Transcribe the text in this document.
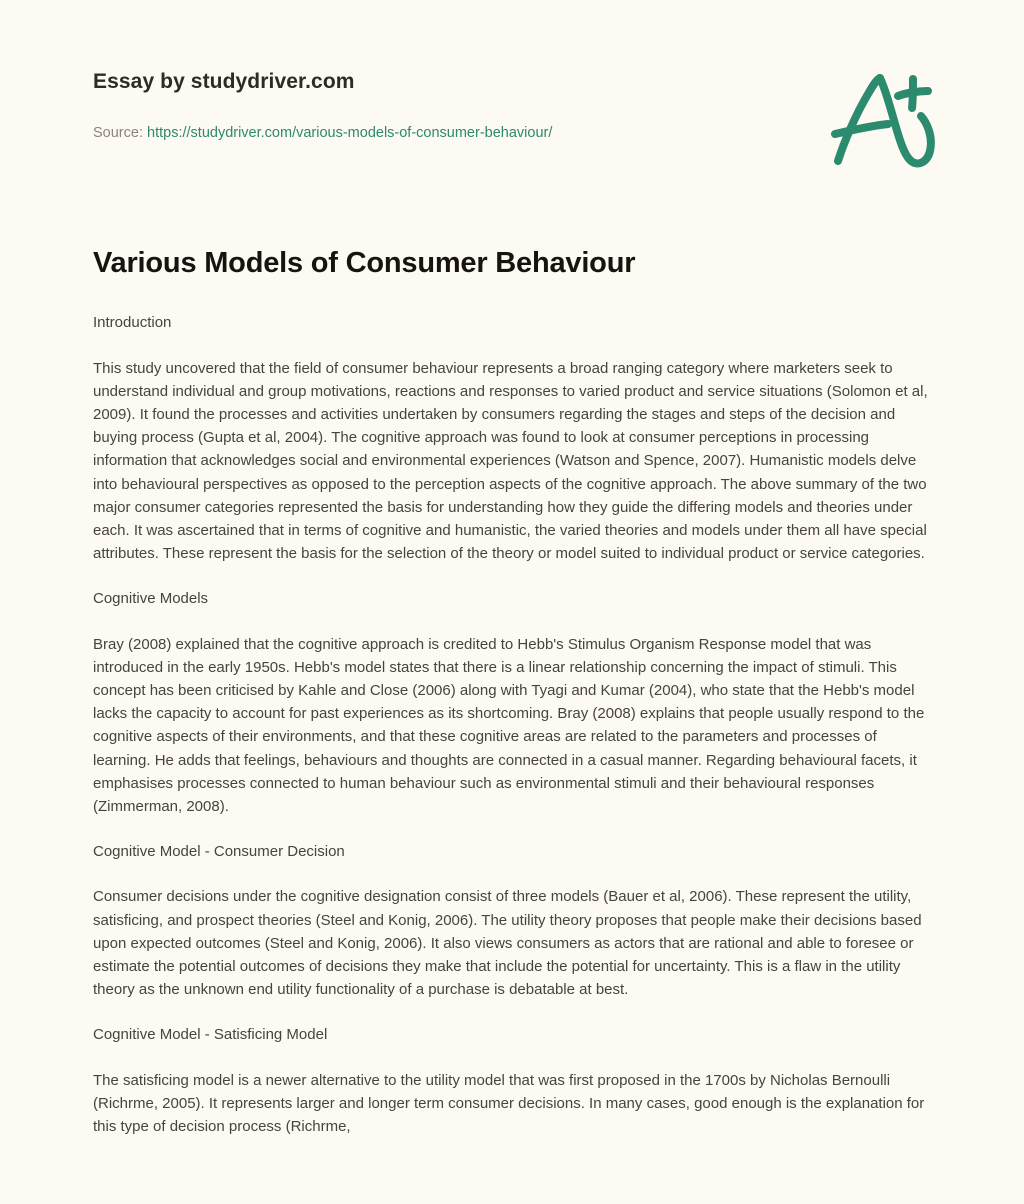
Essay by studydriver.com
Source: https://studydriver.com/various-models-of-consumer-behaviour/
Various Models of Consumer Behaviour

Introduction

This study uncovered that the field of consumer behaviour represents a broad ranging category where marketers seek to understand individual and group motivations, reactions and responses to varied product and service situations (Solomon et al, 2009). It found the processes and activities undertaken by consumers regarding the stages and steps of the decision and buying process (Gupta et al, 2004). The cognitive approach was found to look at consumer perceptions in processing information that acknowledges social and environmental experiences (Watson and Spence, 2007). Humanistic models delve into behavioural perspectives as opposed to the perception aspects of the cognitive approach. The above summary of the two major consumer categories represented the basis for understanding how they guide the differing models and theories under each. It was ascertained that in terms of cognitive and humanistic, the varied theories and models under them all have special attributes. These represent the basis for the selection of the theory or model suited to individual product or service categories.

Cognitive Models

Bray (2008) explained that the cognitive approach is credited to Hebb's Stimulus Organism Response model that was introduced in the early 1950s. Hebb's model states that there is a linear relationship concerning the impact of stimuli. This concept has been criticised by Kahle and Close (2006) along with Tyagi and Kumar (2004), who state that the Hebb's model lacks the capacity to account for past experiences as its shortcoming. Bray (2008) explains that people usually respond to the cognitive aspects of their environments, and that these cognitive areas are related to the parameters and processes of learning. He adds that feelings, behaviours and thoughts are connected in a casual manner. Regarding behavioural facets, it emphasises processes connected to human behaviour such as environmental stimuli and their behavioural responses (Zimmerman, 2008).

Cognitive Model - Consumer Decision

Consumer decisions under the cognitive designation consist of three models (Bauer et al, 2006). These represent the utility, satisficing, and prospect theories (Steel and Konig, 2006). The utility theory proposes that people make their decisions based upon expected outcomes (Steel and Konig, 2006). It also views consumers as actors that are rational and able to foresee or estimate the potential outcomes of decisions they make that include the potential for uncertainty. This is a flaw in the utility theory as the unknown end utility functionality of a purchase is debatable at best.

Cognitive Model - Satisficing Model

The satisficing model is a newer alternative to the utility model that was first proposed in the 1700s by Nicholas Bernoulli (Richrme, 2005). It represents larger and longer term consumer decisions. In many cases, good enough is the explanation for this type of decision process (Richrme,
